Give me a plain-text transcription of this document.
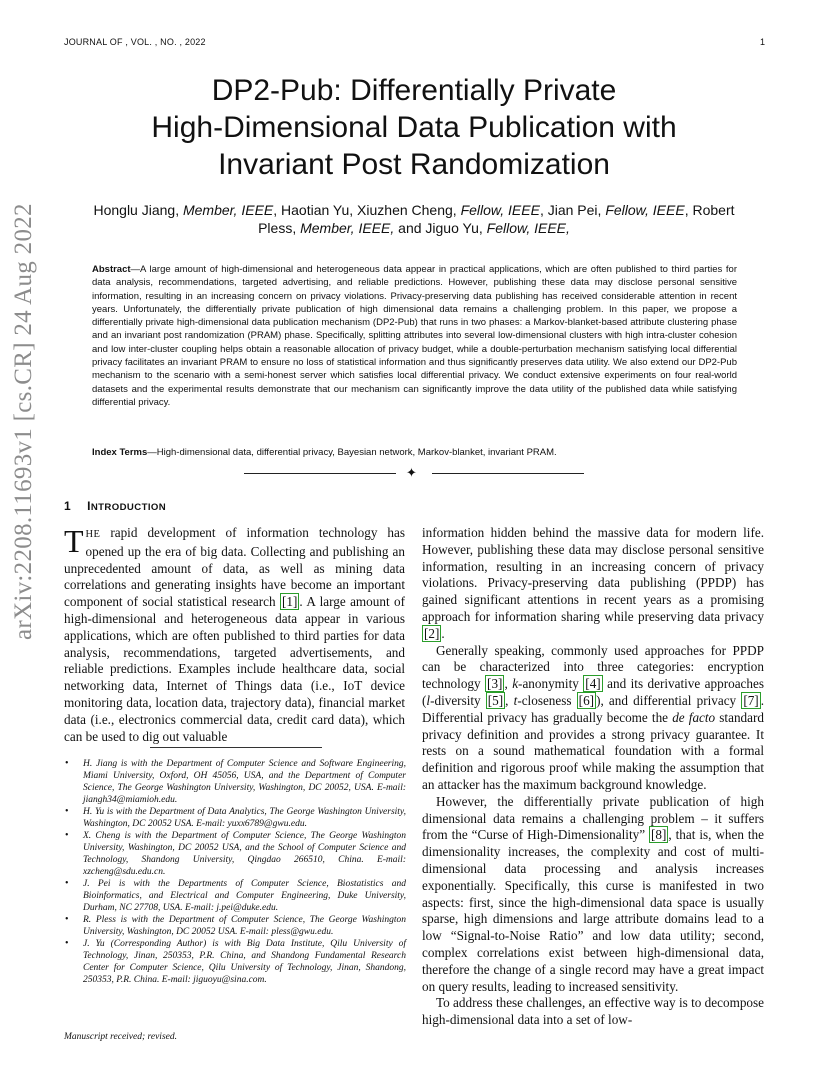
JOURNAL OF , VOL. , NO. , 2022	1
arXiv:2208.11693v1 [cs.CR] 24 Aug 2022
DP2-Pub: Differentially Private
High-Dimensional Data Publication with
Invariant Post Randomization
Honglu Jiang, Member, IEEE, Haotian Yu, Xiuzhen Cheng, Fellow, IEEE, Jian Pei, Fellow, IEEE, Robert
Pless, Member, IEEE, and Jiguo Yu, Fellow, IEEE,
Abstract—A large amount of high-dimensional and heterogeneous data appear in practical applications, which are often published to third parties for data analysis, recommendations, targeted advertising, and reliable predictions. However, publishing these data may disclose personal sensitive information, resulting in an increasing concern on privacy violations. Privacy-preserving data publishing has received considerable attention in recent years. Unfortunately, the differentially private publication of high dimensional data remains a challenging problem. In this paper, we propose a differentially private high-dimensional data publication mechanism (DP2-Pub) that runs in two phases: a Markov-blanket-based attribute clustering phase and an invariant post randomization (PRAM) phase. Specifically, splitting attributes into several low-dimensional clusters with high intra-cluster cohesion and low inter-cluster coupling helps obtain a reasonable allocation of privacy budget, while a double-perturbation mechanism satisfying local differential privacy facilitates an invariant PRAM to ensure no loss of statistical information and thus significantly preserves data utility. We also extend our DP2-Pub mechanism to the scenario with a semi-honest server which satisfies local differential privacy. We conduct extensive experiments on four real-world datasets and the experimental results demonstrate that our mechanism can significantly improve the data utility of the published data while satisfying differential privacy.
Index Terms—High-dimensional data, differential privacy, Bayesian network, Markov-blanket, invariant PRAM.
✦
1 INTRODUCTION

THE rapid development of information technology has opened up the era of big data. Collecting and publishing an unprecedented amount of data, as well as mining data correlations and generating insights have become an important component of social statistical research [1] . A large amount of high-dimensional and heterogeneous data appear in various applications, which are often published to third parties for data analysis, recommendations, targeted advertisements, and reliable predictions. Examples include healthcare data, social networking data, Internet of Things data (i.e., IoT device monitoring data, location data, trajectory data), financial market data (i.e., electronics commercial data, credit card data), which can be used to dig out valuable

information hidden behind the massive data for modern life. However, publishing these data may disclose personal sensitive information, resulting in an increasing concern of privacy violations. Privacy-preserving data publishing (PPDP) has gained significant attentions in recent years as a promising approach for information sharing while preserving data privacy [2] .

Generally speaking, commonly used approaches for PPDP can be characterized into three categories: encryption technology [3] , k-anonymity [4] and its derivative approaches (l-diversity [5] , t-closeness [6] ), and differential privacy [7] . Differential privacy has gradually become the de facto standard privacy definition and provides a strong privacy guarantee. It rests on a sound mathematical foundation with a formal definition and rigorous proof while making the assumption that an attacker has the maximum background knowledge.

However, the differentially private publication of high dimensional data remains a challenging problem – it suffers from the “Curse of High-Dimensionality” [8] , that is, when the dimensionality increases, the complexity and cost of multi-dimensional data processing and analysis increases exponentially. Specifically, this curse is manifested in two aspects: first, since the high-dimensional data space is usually sparse, high dimensions and large attribute domains lead to a low “Signal-to-Noise Ratio” and low data utility; second, complex correlations exist between high-dimensional data, therefore the change of a single record may have a great impact on query results, leading to increased sensitivity.

To address these challenges, an effective way is to decompose high-dimensional data into a set of low-

• H. Jiang is with the Department of Computer Science and Software Engineering, Miami University, Oxford, OH 45056, USA, and the Department of Computer Science, The George Washington University, Washington, DC 20052, USA. E-mail: jiangh34@miamioh.edu.
• H. Yu is with the Department of Data Analytics, The George Washington University, Washington, DC 20052 USA. E-mail: yuxx6789@gwu.edu.
• X. Cheng is with the Department of Computer Science, The George Washington University, Washington, DC 20052 USA, and the School of Computer Science and Technology, Shandong University, Qingdao 266510, China. E-mail: xzcheng@sdu.edu.cn.
• J. Pei is with the Departments of Computer Science, Biostatistics and Bioinformatics, and Electrical and Computer Engineering, Duke University, Durham, NC 27708, USA. E-mail: j.pei@duke.edu.
• R. Pless is with the Department of Computer Science, The George Washington University, Washington, DC 20052 USA. E-mail: pless@gwu.edu.
• J. Yu (Corresponding Author) is with Big Data Institute, Qilu University of Technology, Jinan, 250353, P.R. China, and Shandong Fundamental Research Center for Computer Science, Qilu University of Technology, Jinan, Shandong, 250353, P.R. China. E-mail: jiguoyu@sina.com.
Manuscript received; revised.
